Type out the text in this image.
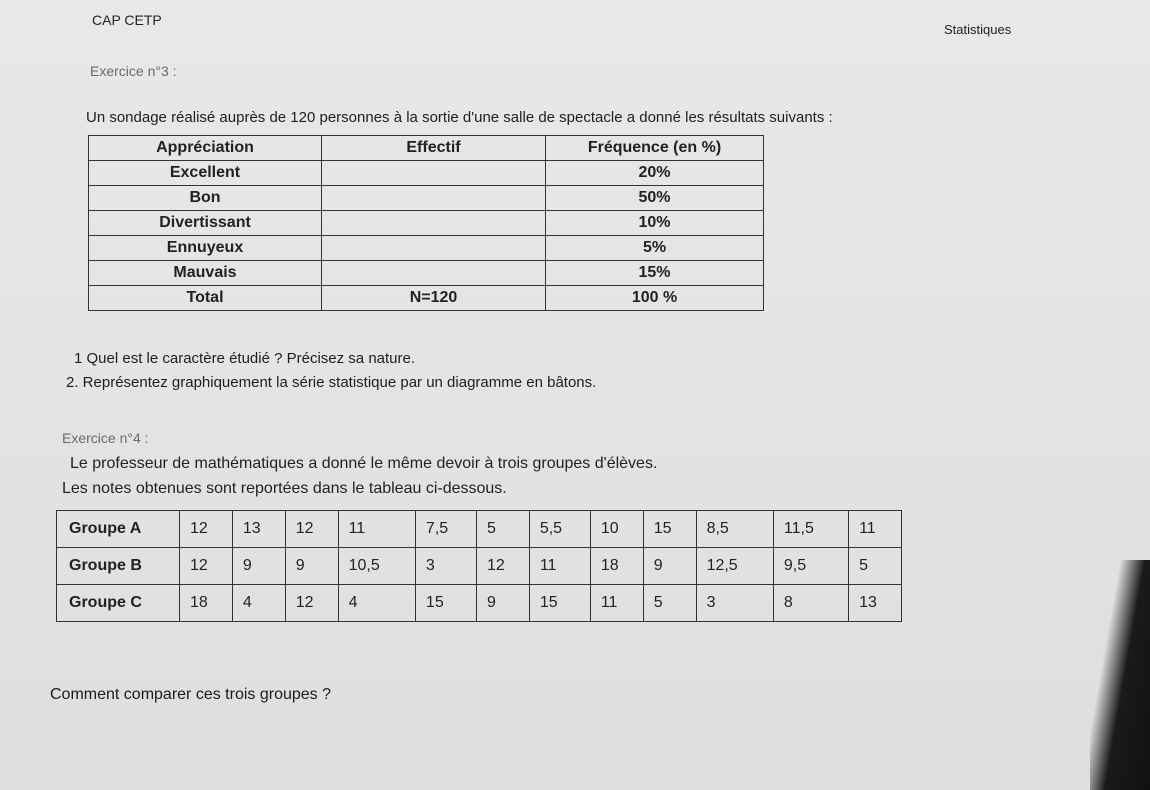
CAP CETP
Statistiques
Exercice n°3 :
Un sondage réalisé auprès de 120 personnes à la sortie d'une salle de spectacle a donné les résultats suivants :
Appréciation	Effectif	Fréquence (en %)
Excellent		20%
Bon		50%
Divertissant		10%
Ennuyeux		5%
Mauvais		15%
Total	N=120	100 %
1 Quel est le caractère étudié ? Précisez sa nature.
2. Représentez graphiquement la série statistique par un diagramme en bâtons.
Exercice n°4 :
Le professeur de mathématiques a donné le même devoir à trois groupes d'élèves.
Les notes obtenues sont reportées dans le tableau ci-dessous.
Groupe A	12	13	12	11	7,5	5	5,5	10	15	8,5	11,5	11
Groupe B	12	9	9	10,5	3	12	11	18	9	12,5	9,5	5
Groupe C	18	4	12	4	15	9	15	11	5	3	8	13
Comment comparer ces trois groupes ?
